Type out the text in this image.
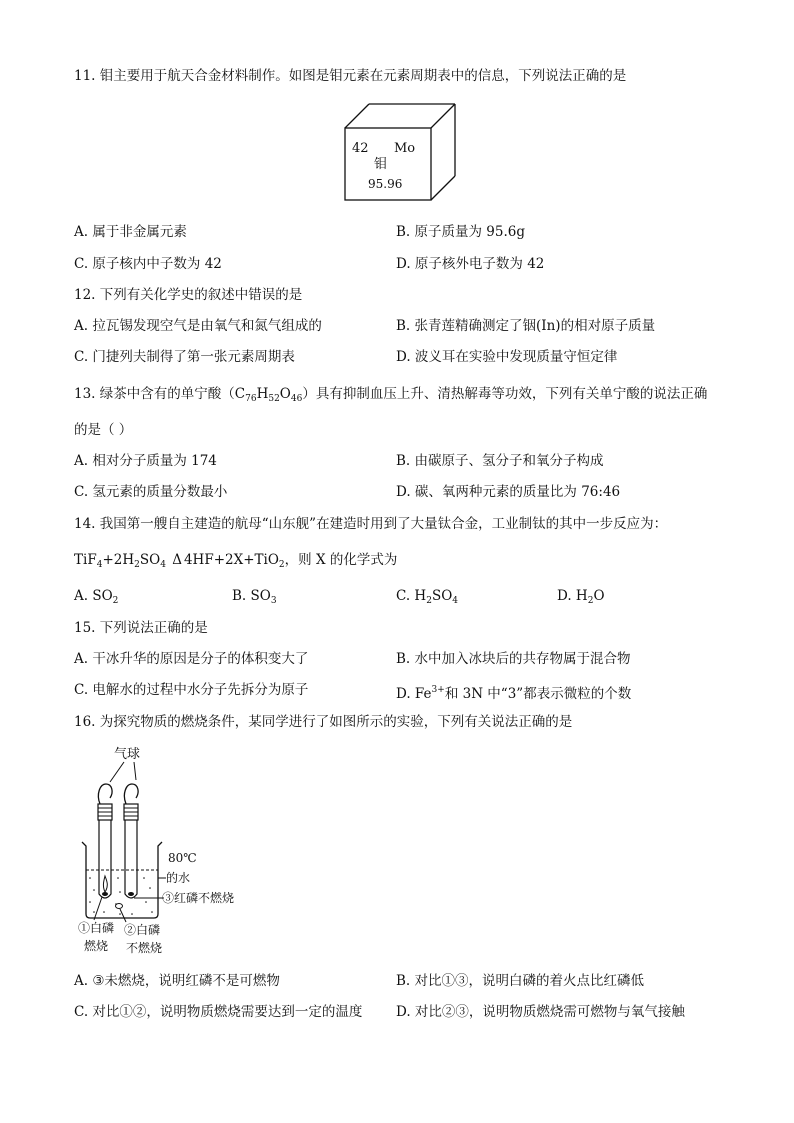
11. 钼主要用于航天合金材料制作。如图是钼元素在元素周期表中的信息，下列说法正确的是
42 Mo
钼
95.96
A. 属于非金属元素	B. 原子质量为 95.6g
C. 原子核内中子数为 42	D. 原子核外电子数为 42
12. 下列有关化学史的叙述中错误的是
A. 拉瓦锡发现空气是由氧气和氮气组成的	B. 张青莲精确测定了铟(In)的相对原子质量
C. 门捷列夫制得了第一张元素周期表	D. 波义耳在实验中发现质量守恒定律
13. 绿茶中含有的单宁酸$(C_{76}H_{52}O_{46})$具有抑制血压上升、清热解毒等功效，下列有关单宁酸的说法正确
的是（ ）
A. 相对分子质量为 174	B. 由碳原子、氢分子和氧分子构成
C. 氢元素的质量分数最小	D. 碳、氧两种元素的质量比为 76:46
14. 我国第一艘自主建造的航母“山东舰”在建造时用到了大量钛合金，工业制钛的其中一步反应为：
$TiF_4+2H_2SO_4$ Δ 4HF+2X+TiO$_2$，则 X 的化学式为
A. $SO_2$	B. $SO_3$	C. $H_2SO_4$	D. $H_2O$
15. 下列说法正确的是
A. 干冰升华的原因是分子的体积变大了	B. 水中加入冰块后的共存物属于混合物
C. 电解水的过程中水分子先拆分为原子	D. $Fe^{3+}$和 3N 中“3”都表示微粒的个数
16. 为探究物质的燃烧条件，某同学进行了如图所示的实验，下列有关说法正确的是
气球
80℃
的水
③红磷不燃烧
①白磷
燃烧
②白磷
不燃烧
A. ③未燃烧，说明红磷不是可燃物	B. 对比①③，说明白磷的着火点比红磷低
C. 对比①②，说明物质燃烧需要达到一定的温度 D. 对比②③，说明物质燃烧需可燃物与氧气接触
